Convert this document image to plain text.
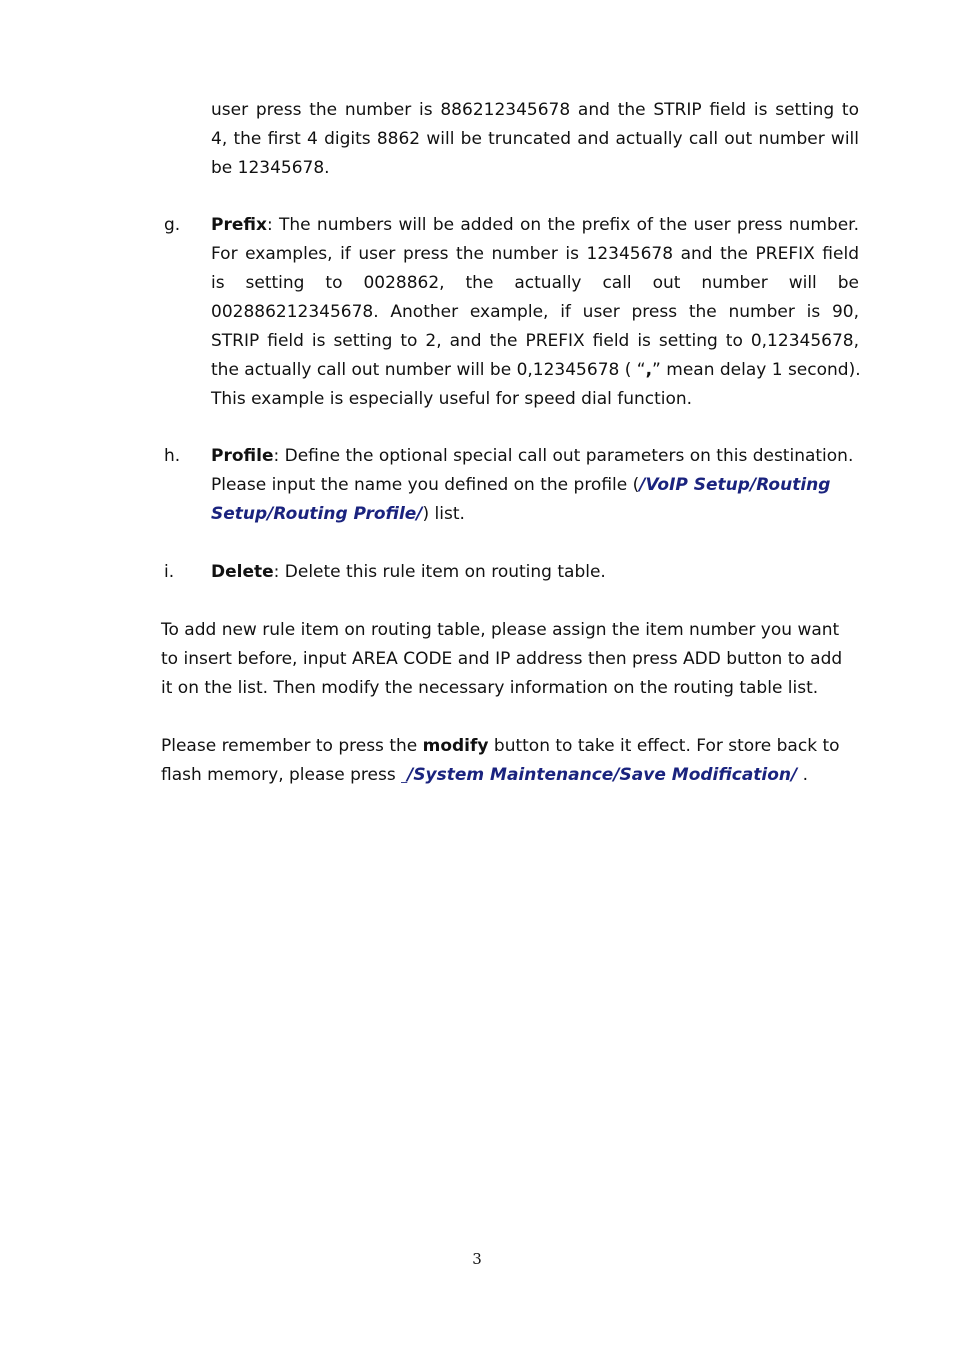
user press the number is 886212345678 and the STRIP field is setting to
4, the first 4 digits 8862 will be truncated and actually call out number will
be 12345678.
g. Prefix: The numbers will be added on the prefix of the user press number.
For examples, if user press the number is 12345678 and the PREFIX field
is setting to 0028862, the actually call out number will be
002886212345678. Another example, if user press the number is 90,
STRIP field is setting to 2, and the PREFIX field is setting to 0,12345678,
the actually call out number will be 0,12345678 ( “,” mean delay 1 second).
This example is especially useful for speed dial function.
h. Profile: Define the optional special call out parameters on this destination.
Please input the name you defined on the profile (/VoIP Setup/Routing
Setup/Routing Profile/) list.
i. Delete: Delete this rule item on routing table.
To add new rule item on routing table, please assign the item number you want
to insert before, input AREA CODE and IP address then press ADD button to add
it on the list. Then modify the necessary information on the routing table list.
Please remember to press the modify button to take it effect. For store back to
flash memory, please press _/System Maintenance/Save Modification/ .
3
